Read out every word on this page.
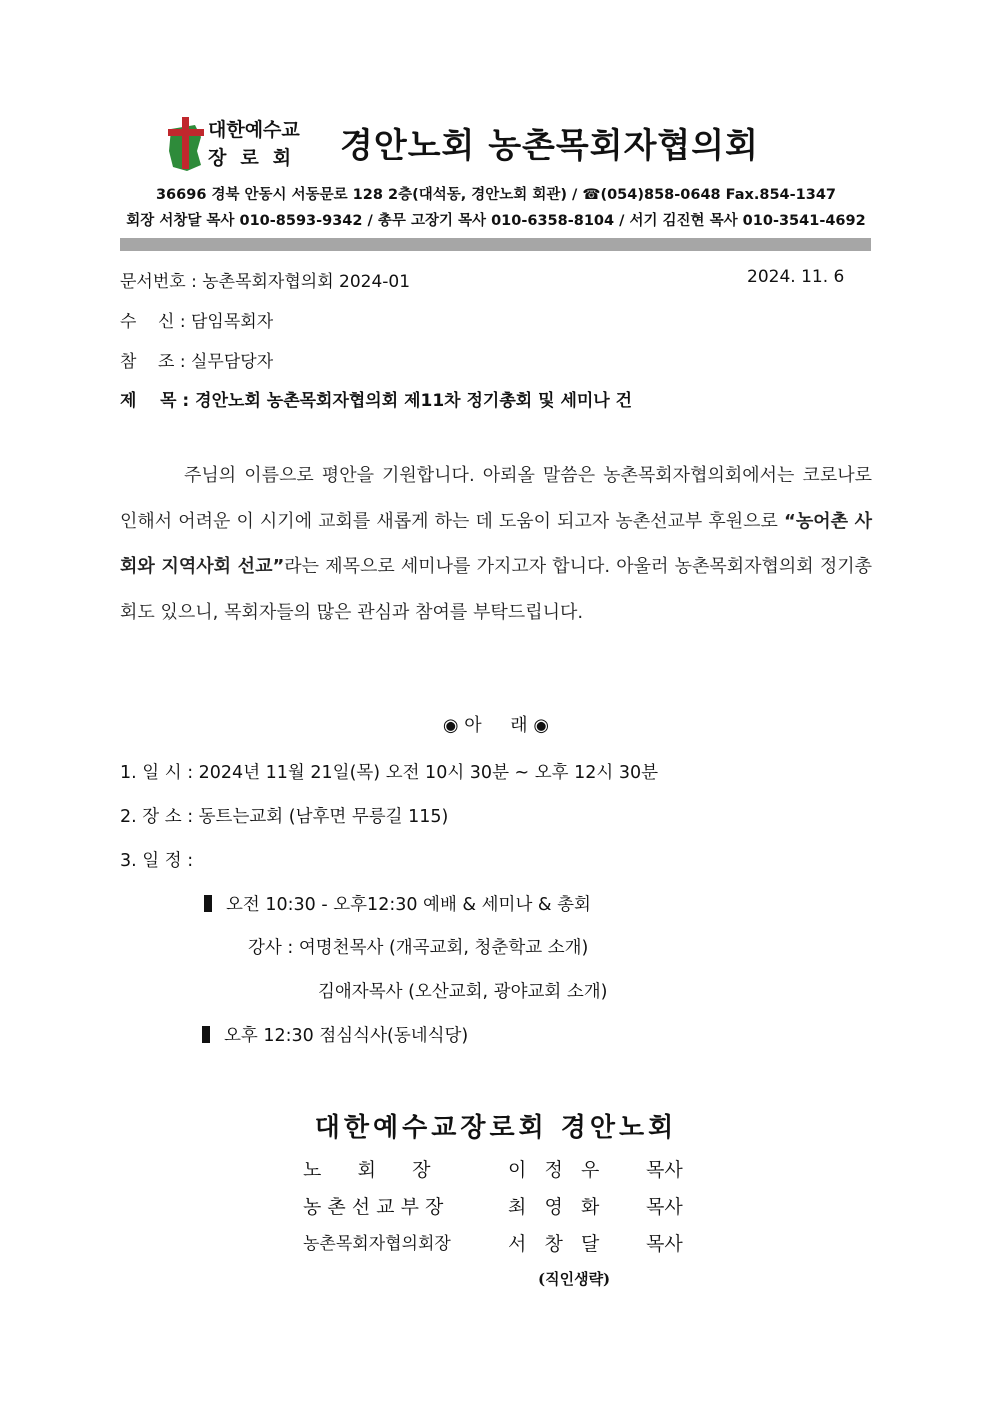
대한예수교
장로회 경안노회 농촌목회자협의회
36696 경북 안동시 서동문로 128 2층(대석동, 경안노회 회관) / ☎(054)858-0648 Fax.854-1347
회장 서창달 목사 010-8593-9342 / 총무 고장기 목사 010-6358-8104 / 서기 김진현 목사 010-3541-4692
문서번호 : 농촌목회자협의회 2024-01	2024. 11. 6
수    신 : 담임목회자
참    조 : 실무담당자
제    목 : 경안노회 농촌목회자협의회 제11차 정기총회 및 세미나 건
주님의 이름으로 평안을 기원합니다. 아뢰올 말씀은 농촌목회자협의회에서는 코로나로 인해서 어려운 이 시기에 교회를 새롭게 하는 데 도움이 되고자 농촌선교부 후원으로 “농어촌 사회와 지역사회 선교”라는 제목으로 세미나를 가지고자 합니다. 아울러 농촌목회자협의회 정기총회도 있으니, 목회자들의 많은 관심과 참여를 부탁드립니다.
◉ 아     래 ◉
1. 일 시 : 2024년 11월 21일(목) 오전 10시 30분 ~ 오후 12시 30분
2. 장 소 : 동트는교회 (남후면 무릉길 115)
3. 일 정 :
오전 10:30 - 오후12:30 예배 & 세미나 & 총회
강사 : 여명천목사 (개곡교회, 청춘학교 소개)
김애자목사 (오산교회, 광야교회 소개)
오후 12:30 점심식사(동네식당)
대한예수교장로회 경안노회
노      회      장	이   정   우 목사
농 촌 선 교 부 장	최   영   화 목사
농촌목회자협의회장	서   창   달 목사
(직인생략)
